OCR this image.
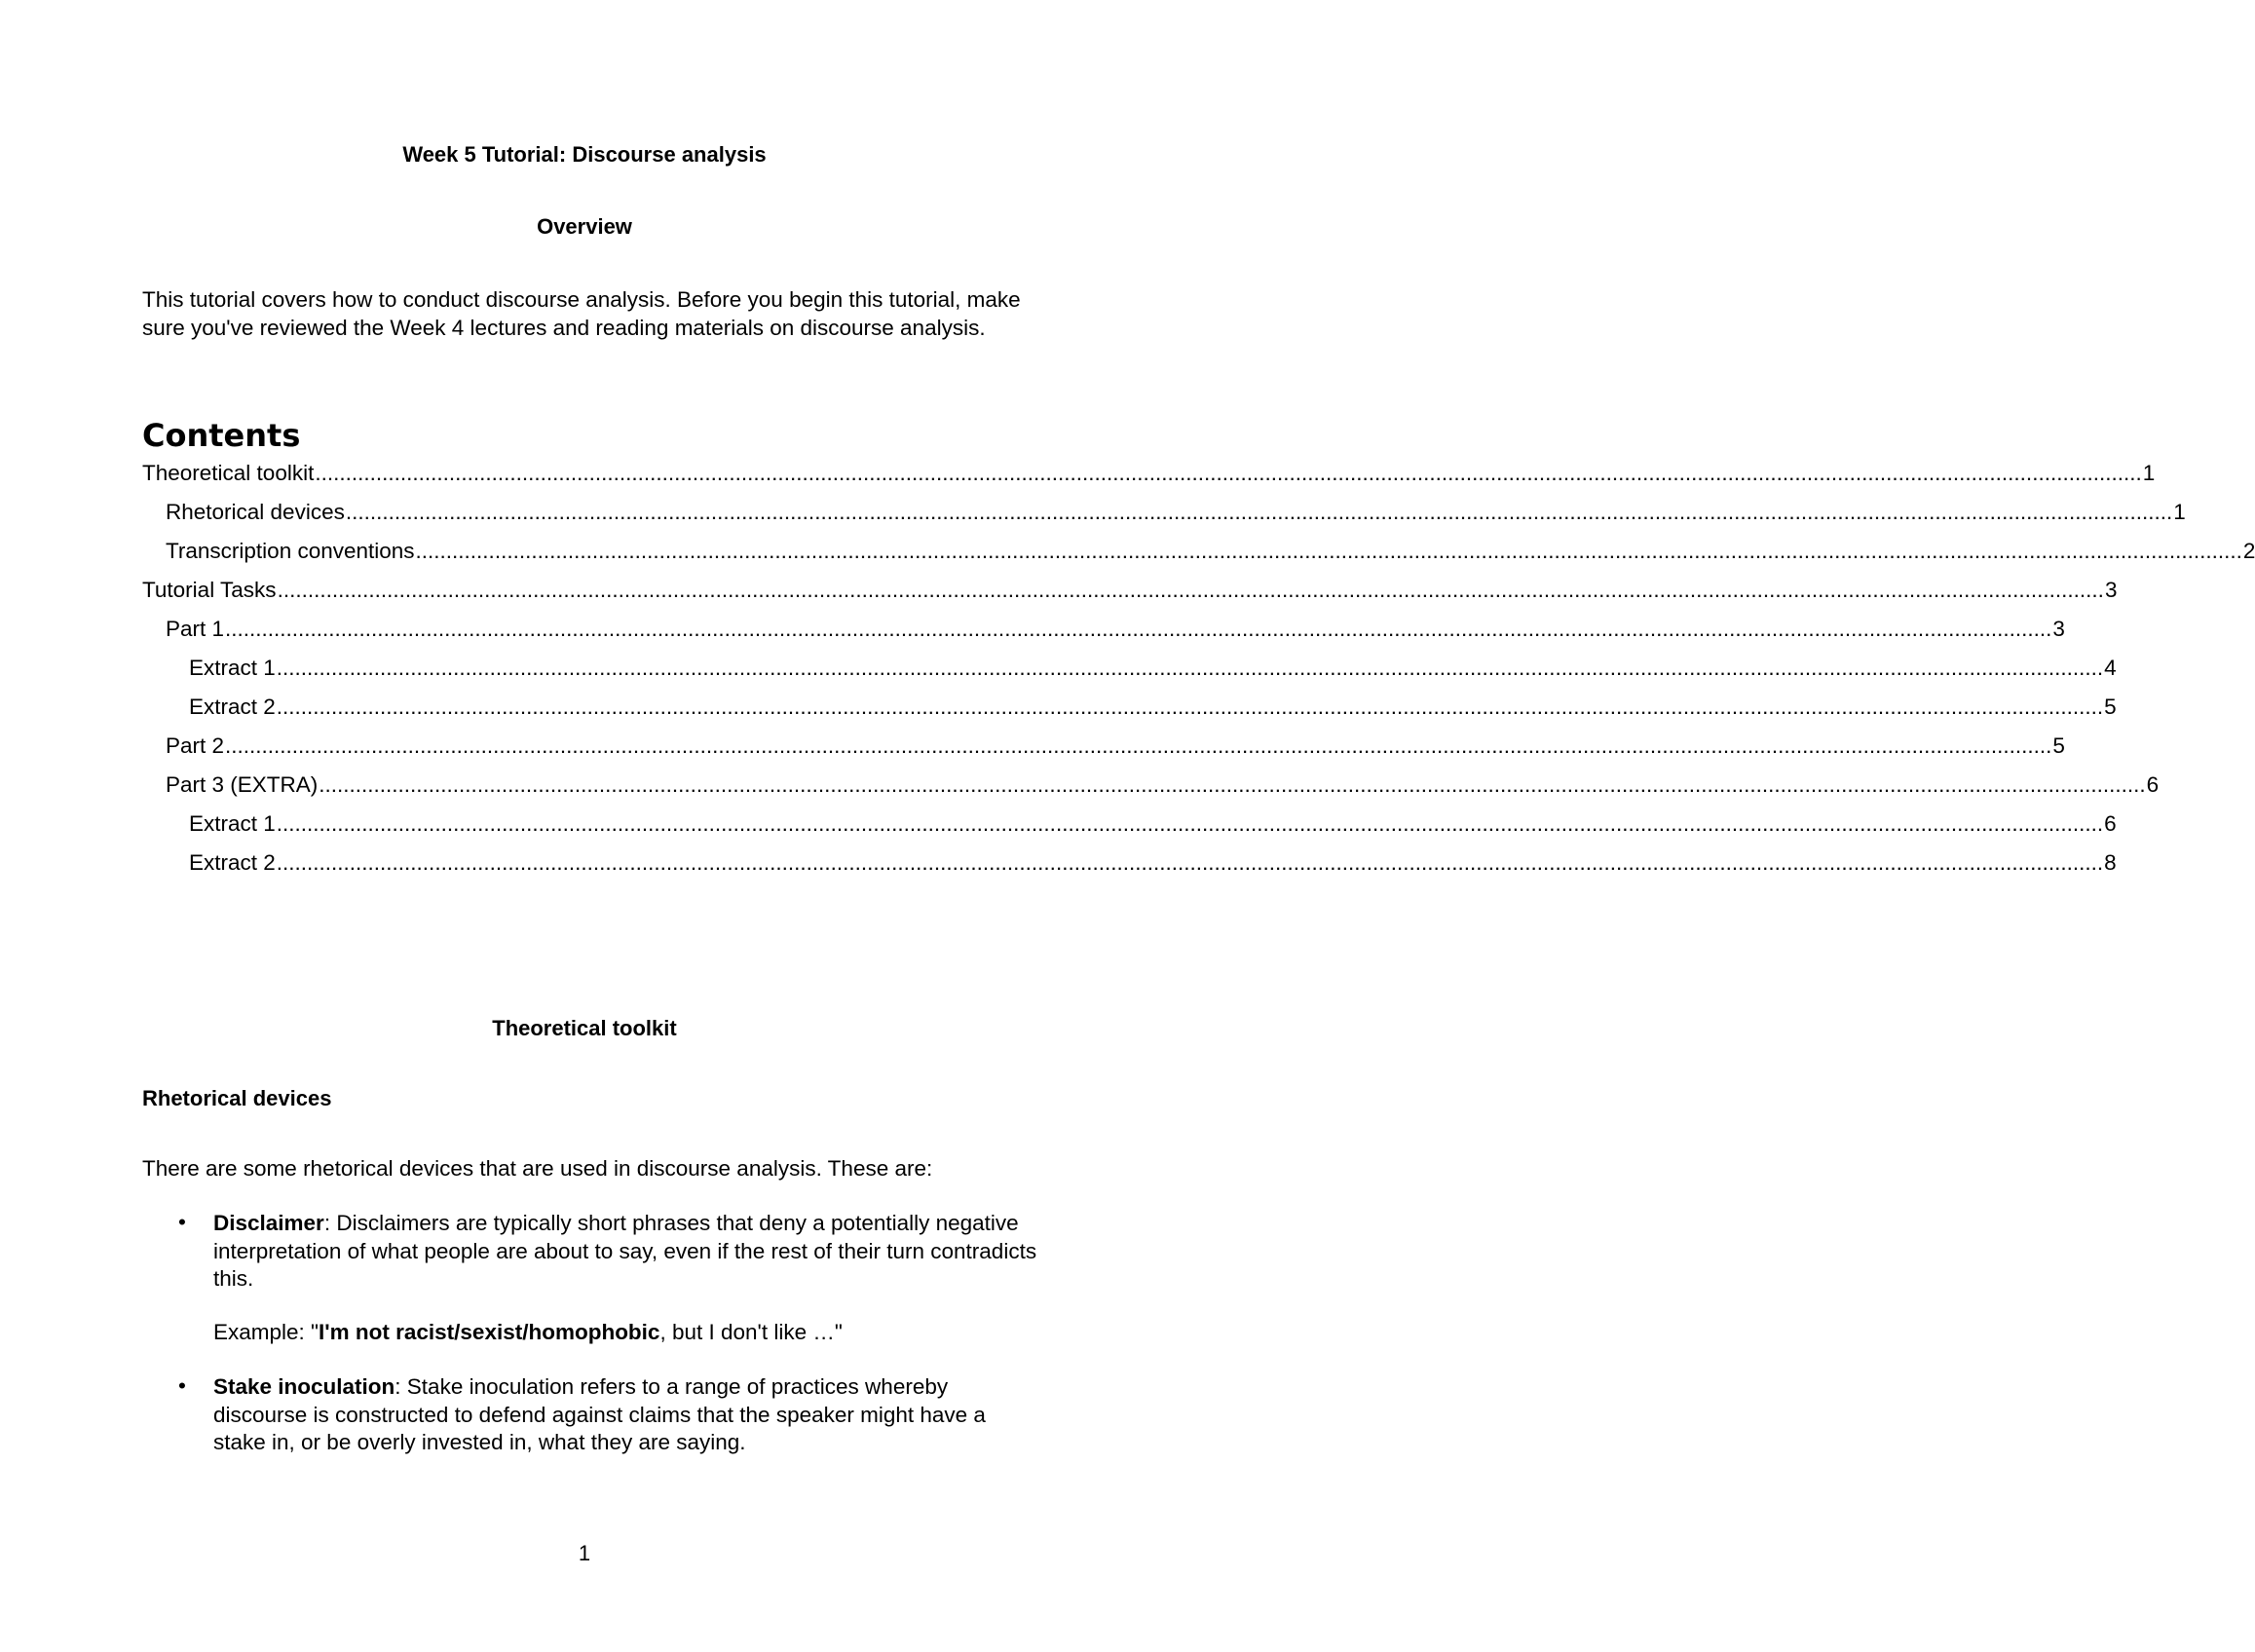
Week 5 Tutorial: Discourse analysis
Overview

This tutorial covers how to conduct discourse analysis. Before you begin this tutorial, make sure you've reviewed the Week 4 lectures and reading materials on discourse analysis.

Contents
Theoretical toolkit ............................................................................................................................................................................................................................................................................................................ 1
Rhetorical devices ............................................................................................................................................................................................................................................................................................................ 1
Transcription conventions ............................................................................................................................................................................................................................................................................................................ 2
Tutorial Tasks ............................................................................................................................................................................................................................................................................................................ 3
Part 1 ............................................................................................................................................................................................................................................................................................................ 3
Extract 1 ............................................................................................................................................................................................................................................................................................................ 4
Extract 2 ............................................................................................................................................................................................................................................................................................................ 5
Part 2 ............................................................................................................................................................................................................................................................................................................ 5
Part 3 (EXTRA) ............................................................................................................................................................................................................................................................................................................ 6
Extract 1 ............................................................................................................................................................................................................................................................................................................ 6
Extract 2 ............................................................................................................................................................................................................................................................................................................ 8
Theoretical toolkit
Rhetorical devices

There are some rhetorical devices that are used in discourse analysis. These are:

• Disclaimer: Disclaimers are typically short phrases that deny a potentially negative interpretation of what people are about to say, even if the rest of their turn contradicts this.

Example: "I'm not racist/sexist/homophobic, but I don't like …"

• Stake inoculation: Stake inoculation refers to a range of practices whereby discourse is constructed to defend against claims that the speaker might have a stake in, or be overly invested in, what they are saying.

1
